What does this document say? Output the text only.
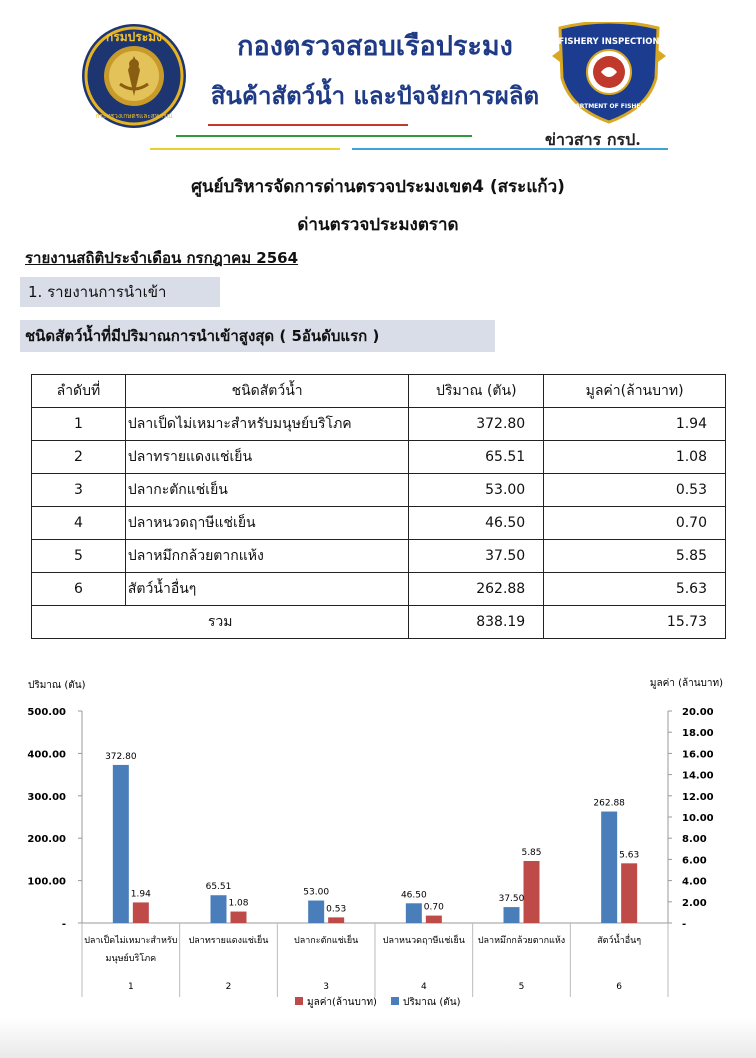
กรมประมง
กระทรวงเกษตรและสหกรณ์
FISHERY INSPECTION
DEPARTMENT OF FISHERIES
กองตรวจสอบเรือประมง
สินค้าสัตว์น้ำ และปัจจัยการผลิต
ข่าวสาร กรป.
ศูนย์บริหารจัดการด่านตรวจประมงเขต4 (สระแก้ว)
ด่านตรวจประมงตราด
รายงานสถิติประจำเดือน กรกฎาคม 2564
1. รายงานการนำเข้า
ชนิดสัตว์น้ำที่มีปริมาณการนำเข้าสูงสุด ( 5อันดับแรก )
ลำดับที่	ชนิดสัตว์น้ำ	ปริมาณ (ตัน)	มูลค่า(ล้านบาท)
1	ปลาเป็ดไม่เหมาะสำหรับมนุษย์บริโภค	372.80	1.94
2	ปลาทรายแดงแช่เย็น	65.51	1.08
3	ปลากะตักแช่เย็น	53.00	0.53
4	ปลาหนวดฤาษีแช่เย็น	46.50	0.70
5	ปลาหมึกกล้วยตากแห้ง	37.50	5.85
6	สัตว์น้ำอื่นๆ	262.88	5.63
รวม		838.19	15.73
ปริมาณ (ตัน)	มูลค่า (ล้านบาท)
500.00
400.00
300.00
200.00
100.00
-
20.00
18.00
16.00
14.00
12.00
10.00
8.00
6.00
4.00
2.00
-
372.80
1.94
ปลาเป็ดไม่เหมาะสำหรับ
มนุษย์บริโภค
1
65.51
1.08
ปลาทรายแดงแช่เย็น
2
53.00
0.53
ปลากะตักแช่เย็น
3
46.50
0.70
ปลาหนวดฤาษีแช่เย็น
4
37.50
5.85
ปลาหมึกกล้วยตากแห้ง
5
262.88
5.63
สัตว์น้ำอื่นๆ
6
มูลค่า(ล้านบาท)	ปริมาณ (ตัน)
